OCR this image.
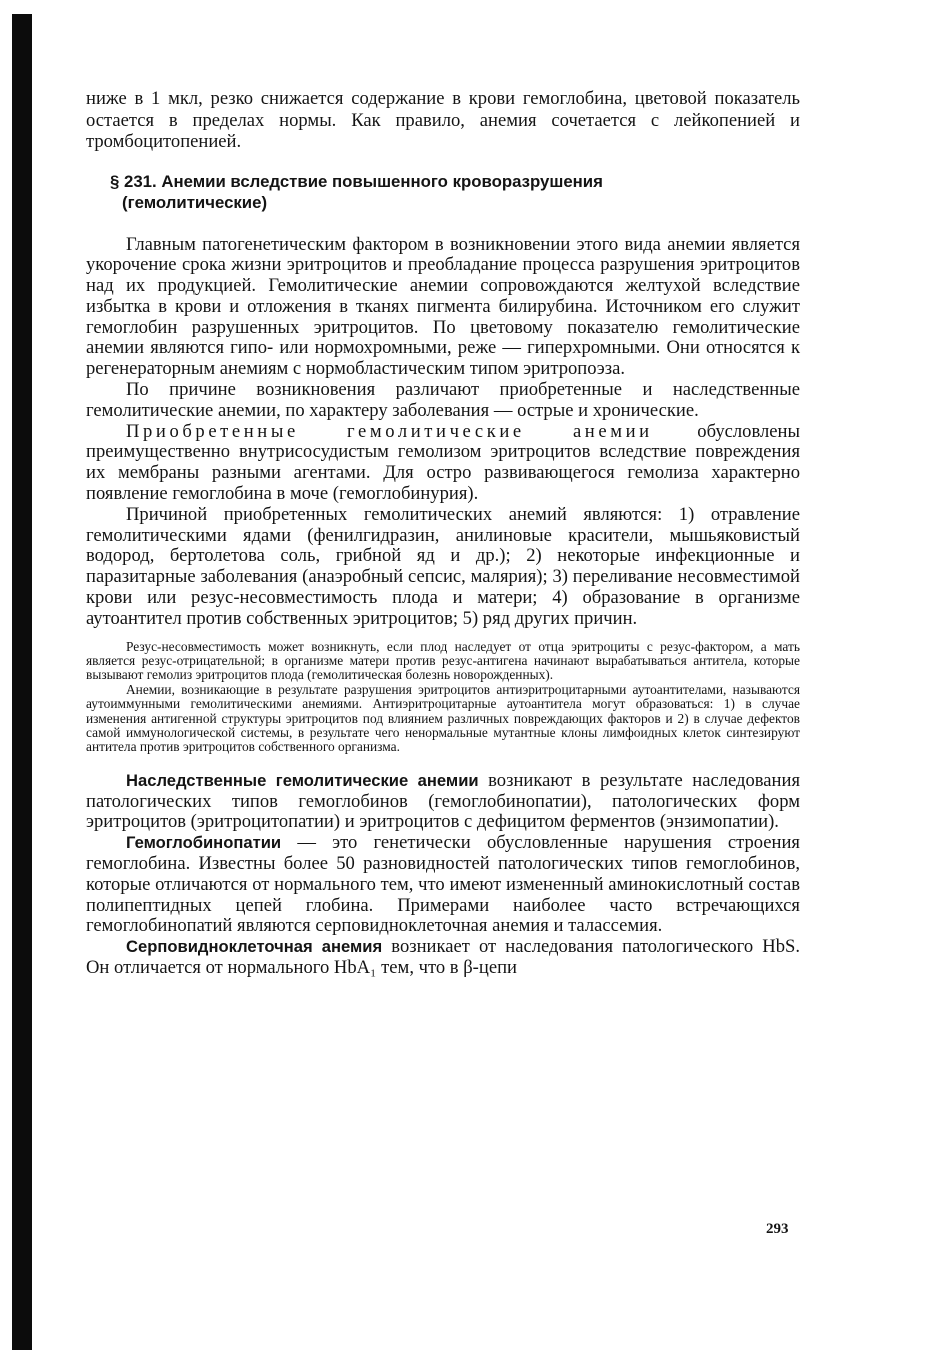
ниже в 1 мкл, резко снижается содержание в крови гемоглобина, цветовой показатель остается в пределах нормы. Как правило, анемия сочетается с лейкопенией и тромбоцитопенией.

§ 231. Анемии вследствие повышенного кроворазрушения
(гемолитические)

Главным патогенетическим фактором в возникновении этого вида анемии является укорочение срока жизни эритроцитов и преобладание процесса разрушения эритроцитов над их продукцией. Гемолитические анемии сопровождаются желтухой вследствие избытка в крови и отложения в тканях пигмента билирубина. Источником его служит гемоглобин разрушенных эритроцитов. По цветовому показателю гемолитические анемии являются гипо- или нормохромными, реже — гиперхромными. Они относятся к регенераторным анемиям с нормобластическим типом эритропоэза.

По причине возникновения различают приобретенные и наследственные гемолитические анемии, по характеру заболевания — острые и хронические.

Приобретенные гемолитические анемии обусловлены преимущественно внутрисосудистым гемолизом эритроцитов вследствие повреждения их мембраны разными агентами. Для остро развивающегося гемолиза характерно появление гемоглобина в моче (гемоглобинурия).

Причиной приобретенных гемолитических анемий являются: 1) отравление гемолитическими ядами (фенилгидразин, анилиновые красители, мышьяковистый водород, бертолетова соль, грибной яд и др.); 2) некоторые инфекционные и паразитарные заболевания (анаэробный сепсис, малярия); 3) переливание несовместимой крови или резус-несовместимость плода и матери; 4) образование в организме аутоантител против собственных эритроцитов; 5) ряд других причин.

Резус-несовместимость может возникнуть, если плод наследует от отца эритроциты с резус-фактором, а мать является резус-отрицательной; в организме матери против резус-антигена начинают вырабатываться антитела, которые вызывают гемолиз эритроцитов плода (гемолитическая болезнь новорожденных).

Анемии, возникающие в результате разрушения эритроцитов антиэритроцитарными аутоантителами, называются аутоиммунными гемолитическими анемиями. Антиэритроцитарные аутоантитела могут образоваться: 1) в случае изменения антигенной структуры эритроцитов под влиянием различных повреждающих факторов и 2) в случае дефектов самой иммунологической системы, в результате чего ненормальные мутантные клоны лимфоидных клеток синтезируют антитела против эритроцитов собственного организма.

Наследственные гемолитические анемии возникают в результате наследования патологических типов гемоглобинов (гемоглобинопатии), патологических форм эритроцитов (эритроцитопатии) и эритроцитов с дефицитом ферментов (энзимопатии).

Гемоглобинопатии — это генетически обусловленные нарушения строения гемоглобина. Известны более 50 разновидностей патологических типов гемоглобинов, которые отличаются от нормального тем, что имеют измененный аминокислотный состав полипептидных цепей глобина. Примерами наиболее часто встречающихся гемоглобинопатий являются серповидноклеточная анемия и талассемия.

Серповидноклеточная анемия возникает от наследования патологического HbS. Он отличается от нормального HbA₁ тем, что в β-цепи

293
